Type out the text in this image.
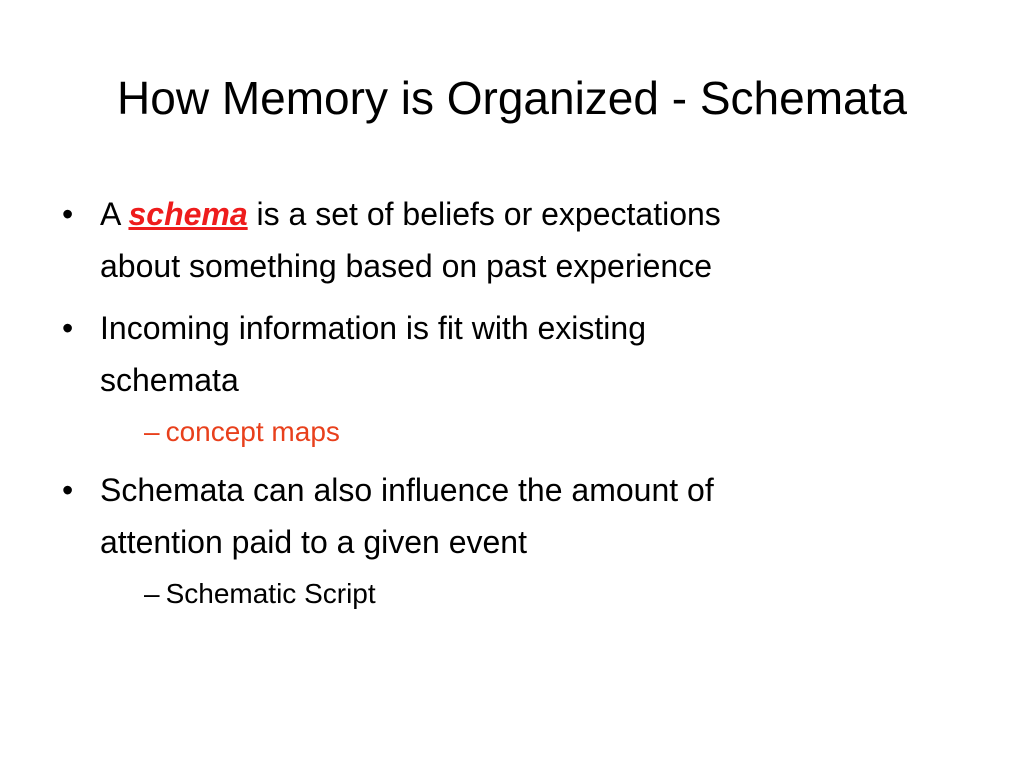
How Memory is Organized - Schemata
• A schema is a set of beliefs or expectations
about something based on past experience
• Incoming information is fit with existing
schemata
– concept maps
• Schemata can also influence the amount of
attention paid to a given event
– Schematic Script
